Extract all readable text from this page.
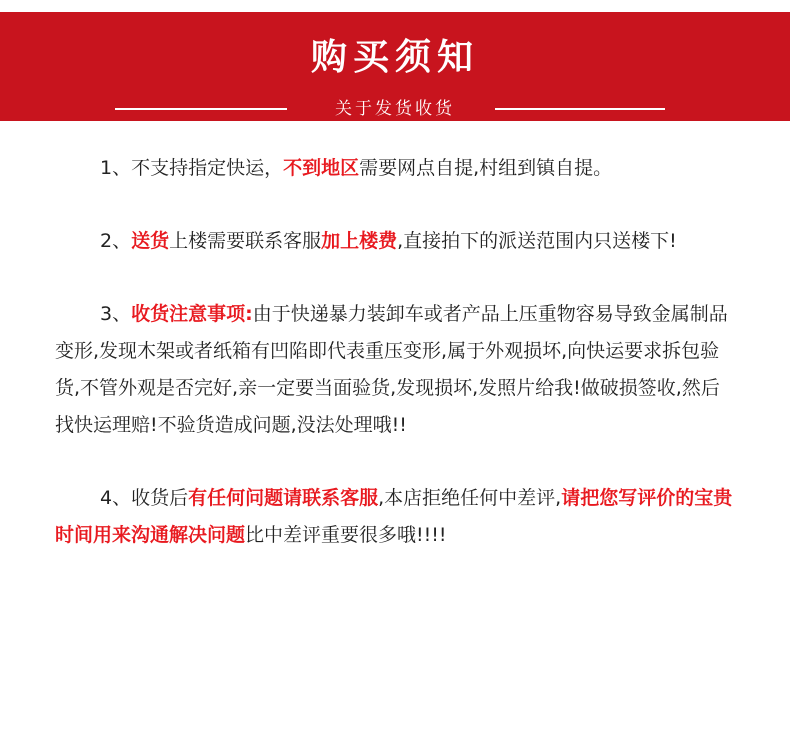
购买须知
关于发货收货

1、不支持指定快运，不到地区需要网点自提,村组到镇自提。

2、送货上楼需要联系客服加上楼费,直接拍下的派送范围内只送楼下!

3、收货注意事项:由于快递暴力装卸车或者产品上压重物容易导致金属制品变形,发现木架或者纸箱有凹陷即代表重压变形,属于外观损坏,向快运要求拆包验货,不管外观是否完好,亲一定要当面验货,发现损坏,发照片给我!做破损签收,然后找快运理赔!不验货造成问题,没法处理哦!!

4、收货后有任何问题请联系客服,本店拒绝任何中差评,请把您写评价的宝贵时间用来沟通解决问题比中差评重要很多哦!!!!
